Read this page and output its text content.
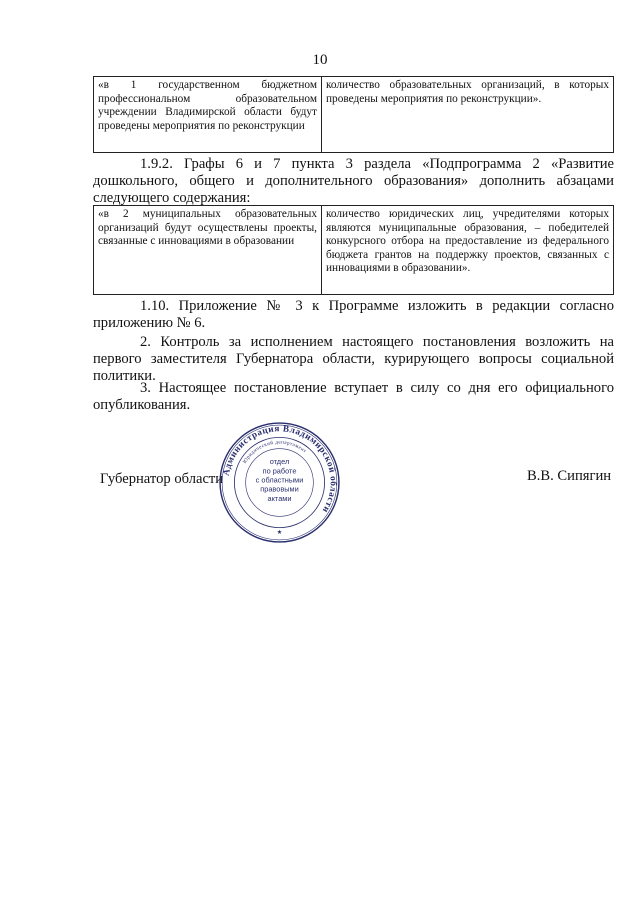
10
«в 1 государственном бюджетном профессиональном образовательном учреждении Владимирской области будут проведены мероприятия по реконструкции	количество образовательных организаций, в которых проведены мероприятия по реконструкции».

1.9.2. Графы 6 и 7 пункта 3 раздела «Подпрограмма 2 «Развитие дошкольного, общего и дополнительного образования» дополнить абзацами следующего содержания:

«в 2 муниципальных образовательных организаций будут осуществлены проекты, связанные с инновациями в образовании	количество юридических лиц, учредителями которых являются муниципальные образования, – победителей конкурсного отбора на предоставление из федерального бюджета грантов на поддержку проектов, связанных с инновациями в образовании».

1.10. Приложение № 3 к Программе изложить в редакции согласно приложению № 6.

2. Контроль за исполнением настоящего постановления возложить на первого заместителя Губернатора области, курирующего вопросы социальной политики.

3. Настоящее постановление вступает в силу со дня его официального опубликования.

Губернатор области
Администрация Владимирской области
Юридический департамент
отдел
по работе
с областными
правовыми
актами
★
В.В. Сипягин
